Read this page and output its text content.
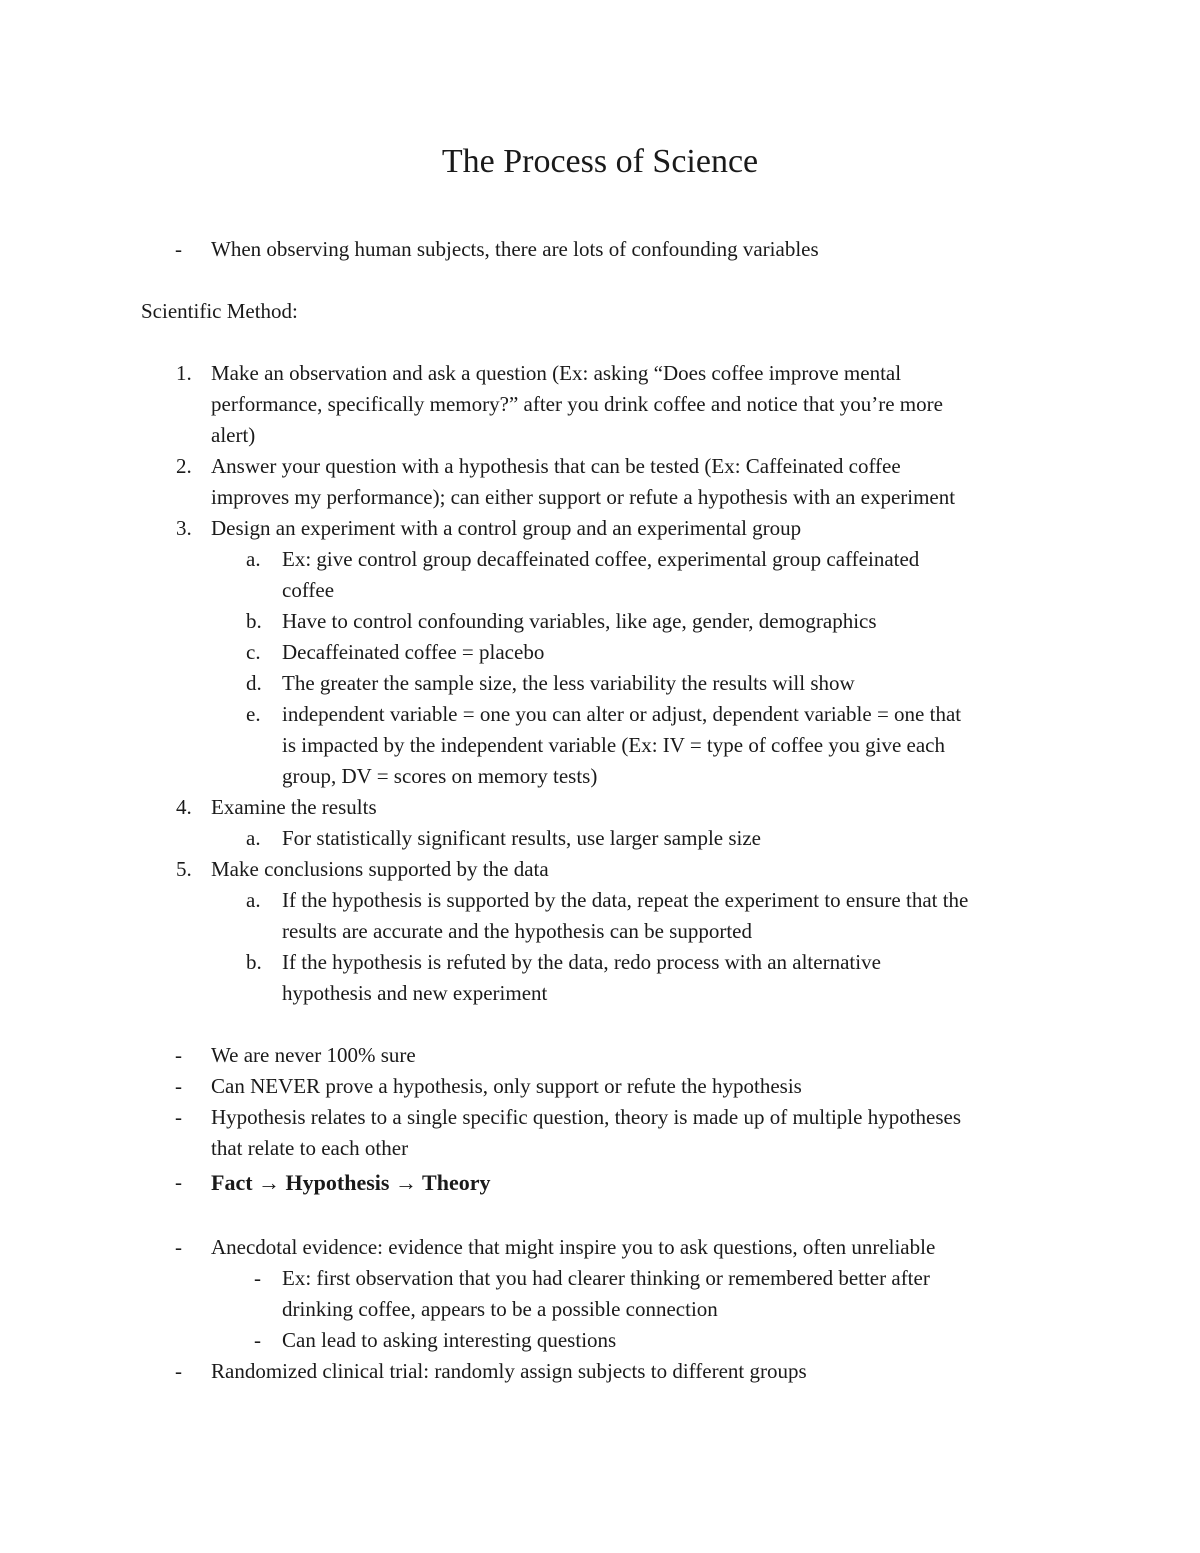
The Process of Science
- When observing human subjects, there are lots of confounding variables
Scientific Method:
1. Make an observation and ask a question (Ex: asking “Does coffee improve mental
performance, specifically memory?” after you drink coffee and notice that you’re more
alert)
2. Answer your question with a hypothesis that can be tested (Ex: Caffeinated coffee
improves my performance); can either support or refute a hypothesis with an experiment
3. Design an experiment with a control group and an experimental group
a. Ex: give control group decaffeinated coffee, experimental group caffeinated
coffee
b. Have to control confounding variables, like age, gender, demographics
c. Decaffeinated coffee = placebo
d. The greater the sample size, the less variability the results will show
e. independent variable = one you can alter or adjust, dependent variable = one that
is impacted by the independent variable (Ex: IV = type of coffee you give each
group, DV = scores on memory tests)
4. Examine the results
a. For statistically significant results, use larger sample size
5. Make conclusions supported by the data
a. If the hypothesis is supported by the data, repeat the experiment to ensure that the
results are accurate and the hypothesis can be supported
b. If the hypothesis is refuted by the data, redo process with an alternative
hypothesis and new experiment
- We are never 100% sure
- Can NEVER prove a hypothesis, only support or refute the hypothesis
- Hypothesis relates to a single specific question, theory is made up of multiple hypotheses
that relate to each other
- Fact → Hypothesis → Theory
- Anecdotal evidence: evidence that might inspire you to ask questions, often unreliable
- Ex: first observation that you had clearer thinking or remembered better after
drinking coffee, appears to be a possible connection
- Can lead to asking interesting questions
- Randomized clinical trial: randomly assign subjects to different groups
